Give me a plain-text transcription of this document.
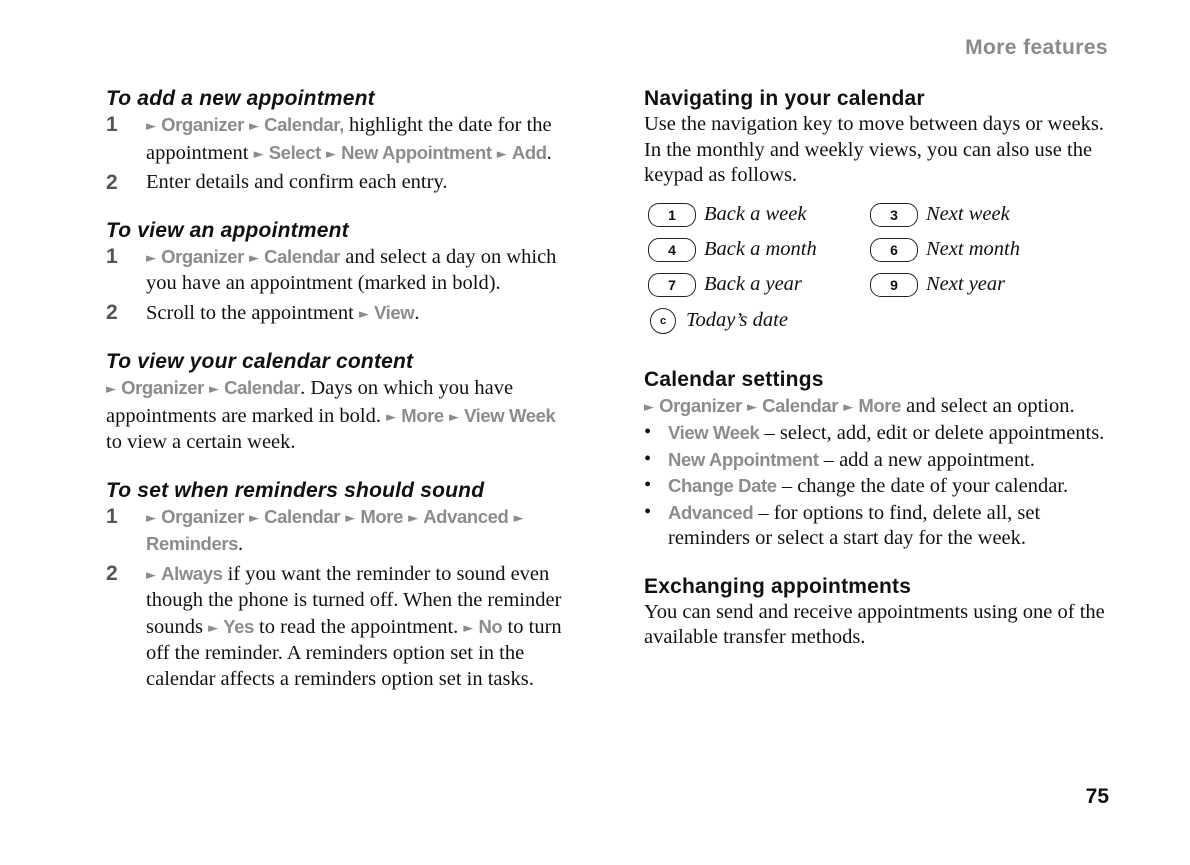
More features
To add a new appointment
1 ► Organizer ► Calendar, highlight the date for the appointment ► Select ► New Appointment ► Add.
2 Enter details and confirm each entry.
To view an appointment
1 ► Organizer ► Calendar and select a day on which you have an appointment (marked in bold).
2 Scroll to the appointment ► View.
To view your calendar content

► Organizer ► Calendar. Days on which you have appointments are marked in bold. ► More ► View Week to view a certain week.

To set when reminders should sound
1 ► Organizer ► Calendar ► More ► Advanced ► Reminders.
2 ► Always if you want the reminder to sound even though the phone is turned off. When the reminder sounds ► Yes to read the appointment. ► No to turn off the reminder. A reminders option set in the calendar affects a reminders option set in tasks.
Navigating in your calendar

Use the navigation key to move between days or weeks. In the monthly and weekly views, you can also use the keypad as follows.

1	Back a week	3	Next week
4	Back a month	6	Next month
7	Back a year	9	Next year
c Today’s date
Calendar settings

► Organizer ► Calendar ► More and select an option.

• View Week – select, add, edit or delete appointments.
• New Appointment – add a new appointment.
• Change Date – change the date of your calendar.
• Advanced – for options to find, delete all, set reminders or select a start day for the week.
Exchanging appointments

You can send and receive appointments using one of the available transfer methods.

75
